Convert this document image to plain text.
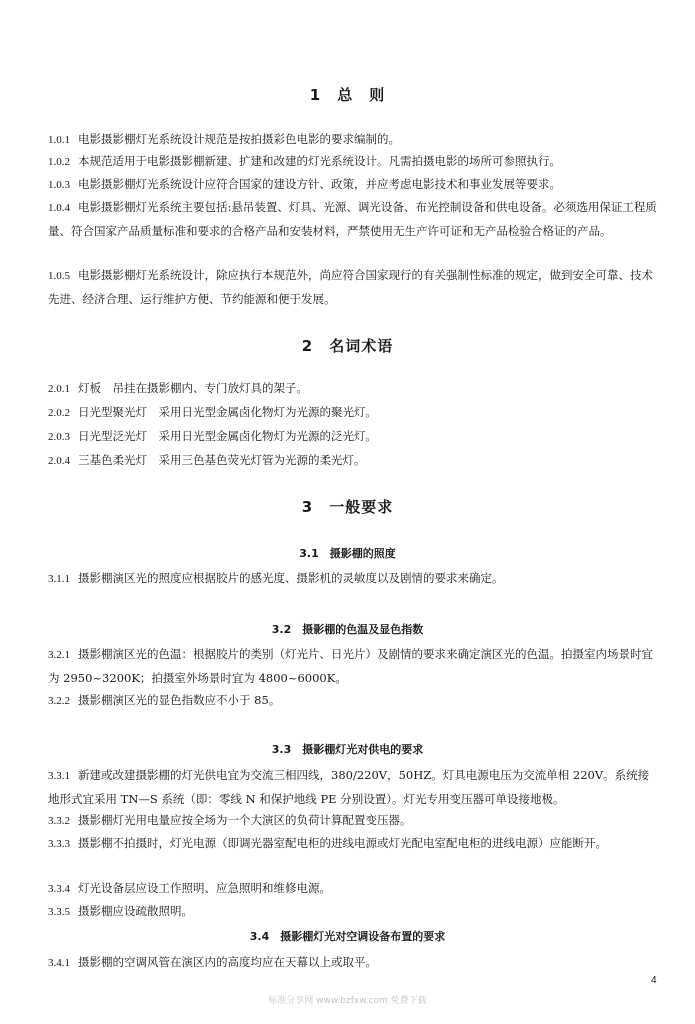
1　总　则

1.0.1 电影摄影棚灯光系统设计规范是按拍摄彩色电影的要求编制的。

1.0.2 本规范适用于电影摄影棚新建、扩建和改建的灯光系统设计。凡需拍摄电影的场所可参照执行。

1.0.3 电影摄影棚灯光系统设计应符合国家的建设方针、政策，并应考虑电影技术和事业发展等要求。

1.0.4 电影摄影棚灯光系统主要包括:悬吊装置、灯具、光源、调光设备、布光控制设备和供电设备。必须选用保证工程质量、符合国家产品质量标准和要求的合格产品和安装材料，严禁使用无生产许可证和无产品检验合格证的产品。

1.0.5 电影摄影棚灯光系统设计，除应执行本规范外，尚应符合国家现行的有关强制性标准的规定，做到安全可靠、技术先进、经济合理、运行维护方便、节约能源和便于发展。

2　名词术语

2.0.1 灯板　吊挂在摄影棚内、专门放灯具的架子。

2.0.2 日光型聚光灯　采用日光型金属卤化物灯为光源的聚光灯。

2.0.3 日光型泛光灯　采用日光型金属卤化物灯为光源的泛光灯。

2.0.4 三基色柔光灯　采用三色基色荧光灯管为光源的柔光灯。

3　一般要求
3.1　摄影棚的照度

3.1.1 摄影棚演区光的照度应根据胶片的感光度、摄影机的灵敏度以及剧情的要求来确定。

3.2　摄影棚的色温及显色指数

3.2.1 摄影棚演区光的色温：根据胶片的类别（灯光片、日光片）及剧情的要求来确定演区光的色温。拍摄室内场景时宜为 2950~3200K；拍摄室外场景时宜为 4800~6000K。

3.2.2 摄影棚演区光的显色指数应不小于 85。

3.3　摄影棚灯光对供电的要求

3.3.1 新建或改建摄影棚的灯光供电宜为交流三相四线，380/220V，50HZ。灯具电源电压为交流单相 220V。系统接地形式宜采用 TN—S 系统（即：零线 N 和保护地线 PE 分别设置）。灯光专用变压器可单设接地极。

3.3.2 摄影棚灯光用电量应按全场为一个大演区的负荷计算配置变压器。

3.3.3 摄影棚不拍摄时，灯光电源（即调光器室配电柜的进线电源或灯光配电室配电柜的进线电源）应能断开。

3.3.4 灯光设备层应设工作照明、应急照明和维修电源。

3.3.5 摄影棚应设疏散照明。

3.4　摄影棚灯光对空调设备布置的要求

3.4.1 摄影棚的空调风管在演区内的高度均应在天幕以上或取平。

4
标准分享网 www.bzfxw.com 免费下载
